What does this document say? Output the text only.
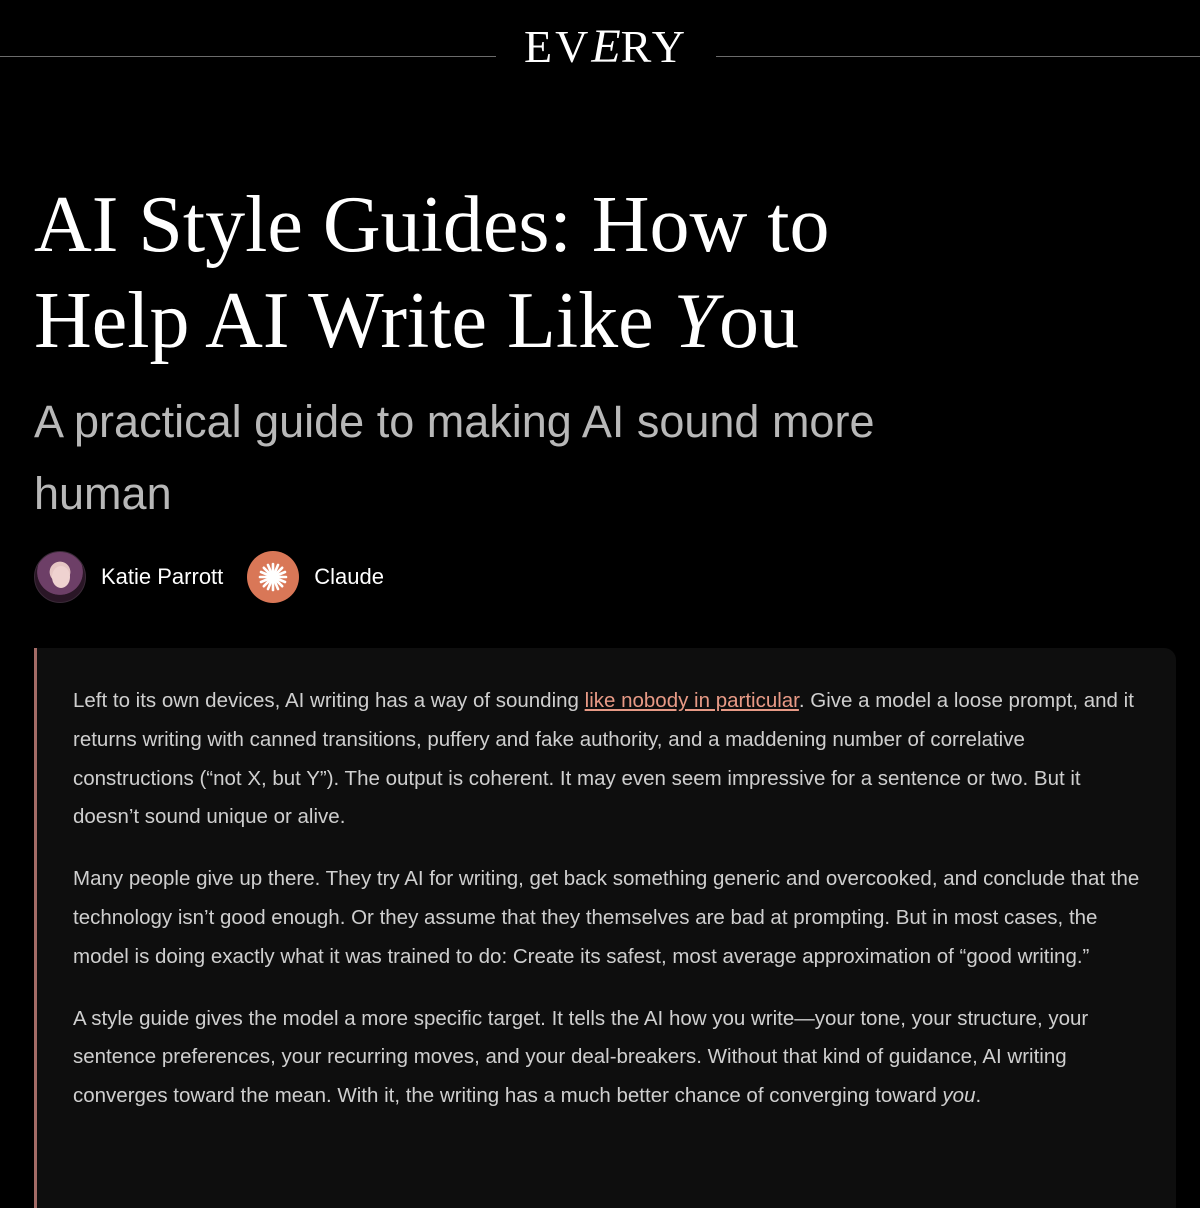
EVERY
AI Style Guides: How to
Help AI Write Like You
A practical guide to making AI sound more human
Katie Parrott	Claude

Left to its own devices, AI writing has a way of sounding like nobody in particular. Give a model a loose prompt, and it returns writing with canned transitions, puffery and fake authority, and a maddening number of correlative constructions (“not X, but Y”). The output is coherent. It may even seem impressive for a sentence or two. But it doesn’t sound unique or alive.

Many people give up there. They try AI for writing, get back something generic and overcooked, and conclude that the technology isn’t good enough. Or they assume that they themselves are bad at prompting. But in most cases, the model is doing exactly what it was trained to do: Create its safest, most average approximation of “good writing.”

A style guide gives the model a more specific target. It tells the AI how you write—your tone, your structure, your sentence preferences, your recurring moves, and your deal-breakers. Without that kind of guidance, AI writing converges toward the mean. With it, the writing has a much better chance of converging toward you.
